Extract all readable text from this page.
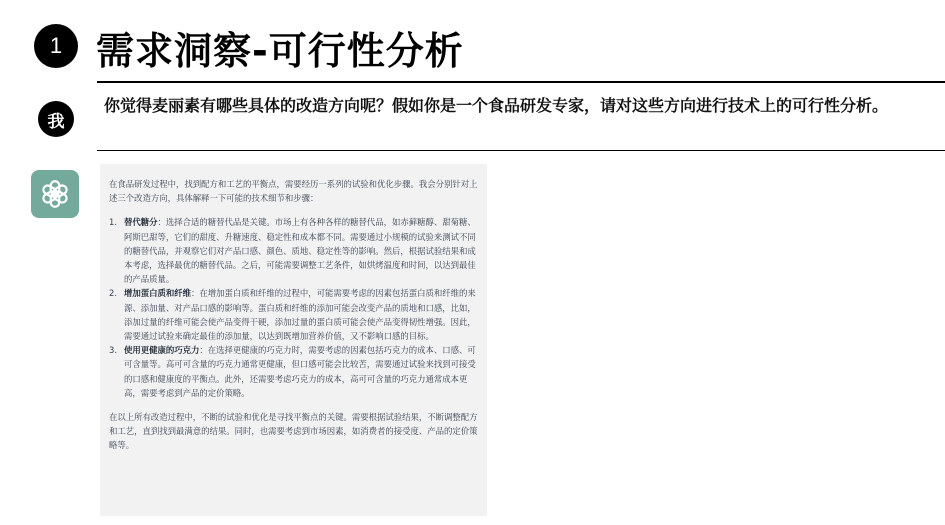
1 需求洞察-可行性分析
我
你觉得麦丽素有哪些具体的改造方向呢？假如你是一个食品研发专家，请对这些方向进行技术上的可行性分析。

在食品研发过程中，找到配方和工艺的平衡点，需要经历一系列的试验和优化步骤。我会分别针对上述三个改造方向，具体解释一下可能的技术细节和步骤：

1. 替代糖分：选择合适的糖替代品是关键。市场上有各种各样的糖替代品，如赤藓糖醇、甜菊糖、阿斯巴甜等，它们的甜度、升糖速度、稳定性和成本都不同。需要通过小规模的试验来测试不同的糖替代品，并观察它们对产品口感、颜色、质地、稳定性等的影响。然后，根据试验结果和成本考虑，选择最优的糖替代品。之后，可能需要调整工艺条件，如烘烤温度和时间，以达到最佳的产品质量。
2. 增加蛋白质和纤维：在增加蛋白质和纤维的过程中，可能需要考虑的因素包括蛋白质和纤维的来源、添加量、对产品口感的影响等。蛋白质和纤维的添加可能会改变产品的质地和口感，比如，添加过量的纤维可能会使产品变得干硬，添加过量的蛋白质可能会使产品变得韧性增强。因此，需要通过试验来确定最佳的添加量，以达到既增加营养价值，又不影响口感的目标。
3. 使用更健康的巧克力：在选择更健康的巧克力时，需要考虑的因素包括巧克力的成本、口感、可可含量等。高可可含量的巧克力通常更健康，但口感可能会比较苦，需要通过试验来找到可接受的口感和健康度的平衡点。此外，还需要考虑巧克力的成本，高可可含量的巧克力通常成本更高，需要考虑到产品的定价策略。

在以上所有改造过程中，不断的试验和优化是寻找平衡点的关键。需要根据试验结果，不断调整配方和工艺，直到找到最满意的结果。同时，也需要考虑到市场因素，如消费者的接受度、产品的定价策略等。
